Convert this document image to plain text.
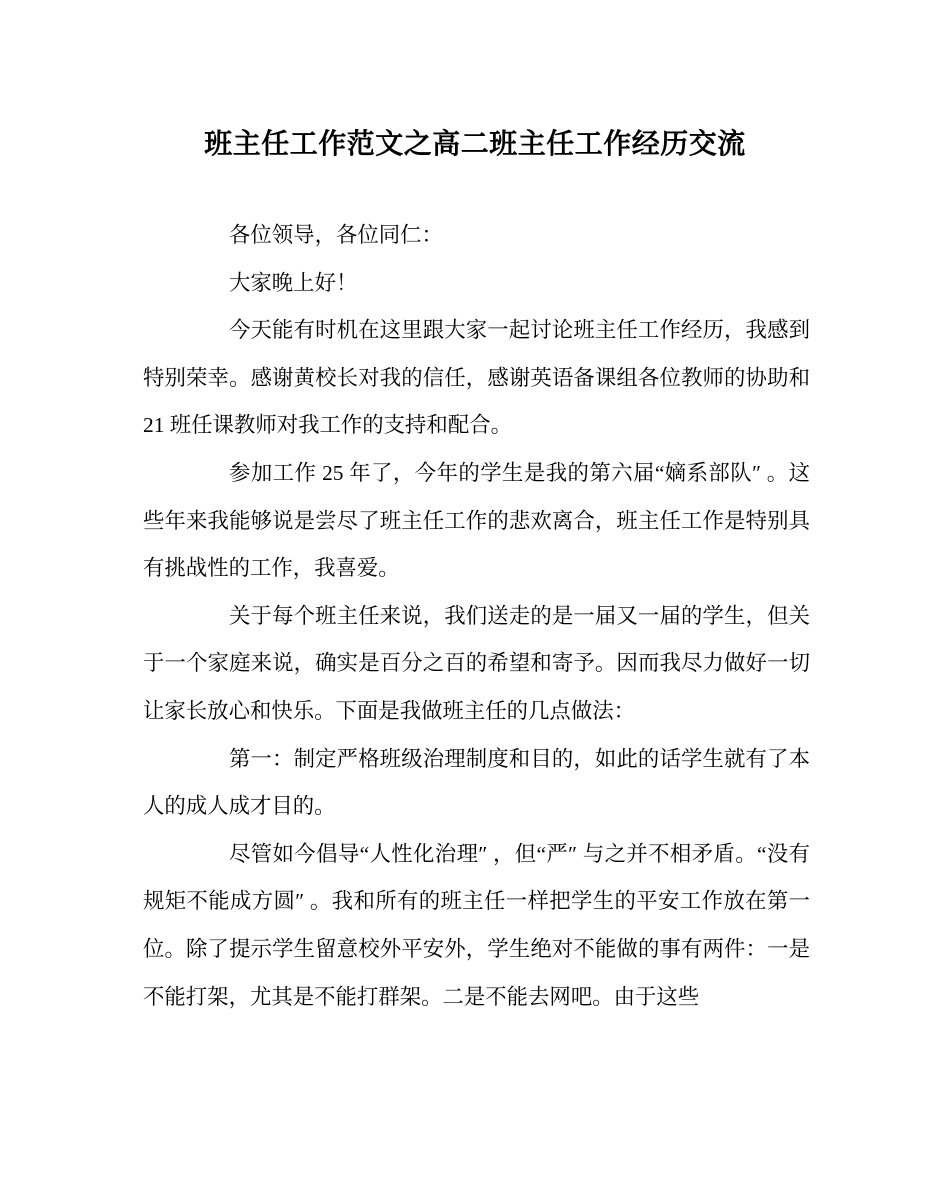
班主任工作范文之高二班主任工作经历交流

各位领导，各位同仁：

大家晚上好！

今天能有时机在这里跟大家一起讨论班主任工作经历，我感到特别荣幸。感谢黄校长对我的信任，感谢英语备课组各位教师的协助和 21 班任课教师对我工作的支持和配合。

参加工作 25 年了，今年的学生是我的第六届“嫡系部队″ 。这些年来我能够说是尝尽了班主任工作的悲欢离合，班主任工作是特别具有挑战性的工作，我喜爱。

关于每个班主任来说，我们送走的是一届又一届的学生，但关于一个家庭来说，确实是百分之百的希望和寄予。因而我尽力做好一切让家长放心和快乐。下面是我做班主任的几点做法：

第一：制定严格班级治理制度和目的，如此的话学生就有了本人的成人成才目的。

尽管如今倡导“人性化治理″ ，但“严″ 与之并不相矛盾。“没有规矩不能成方圆″ 。我和所有的班主任一样把学生的平安工作放在第一位。除了提示学生留意校外平安外，学生绝对不能做的事有两件：一是不能打架，尤其是不能打群架。二是不能去网吧。由于这些
